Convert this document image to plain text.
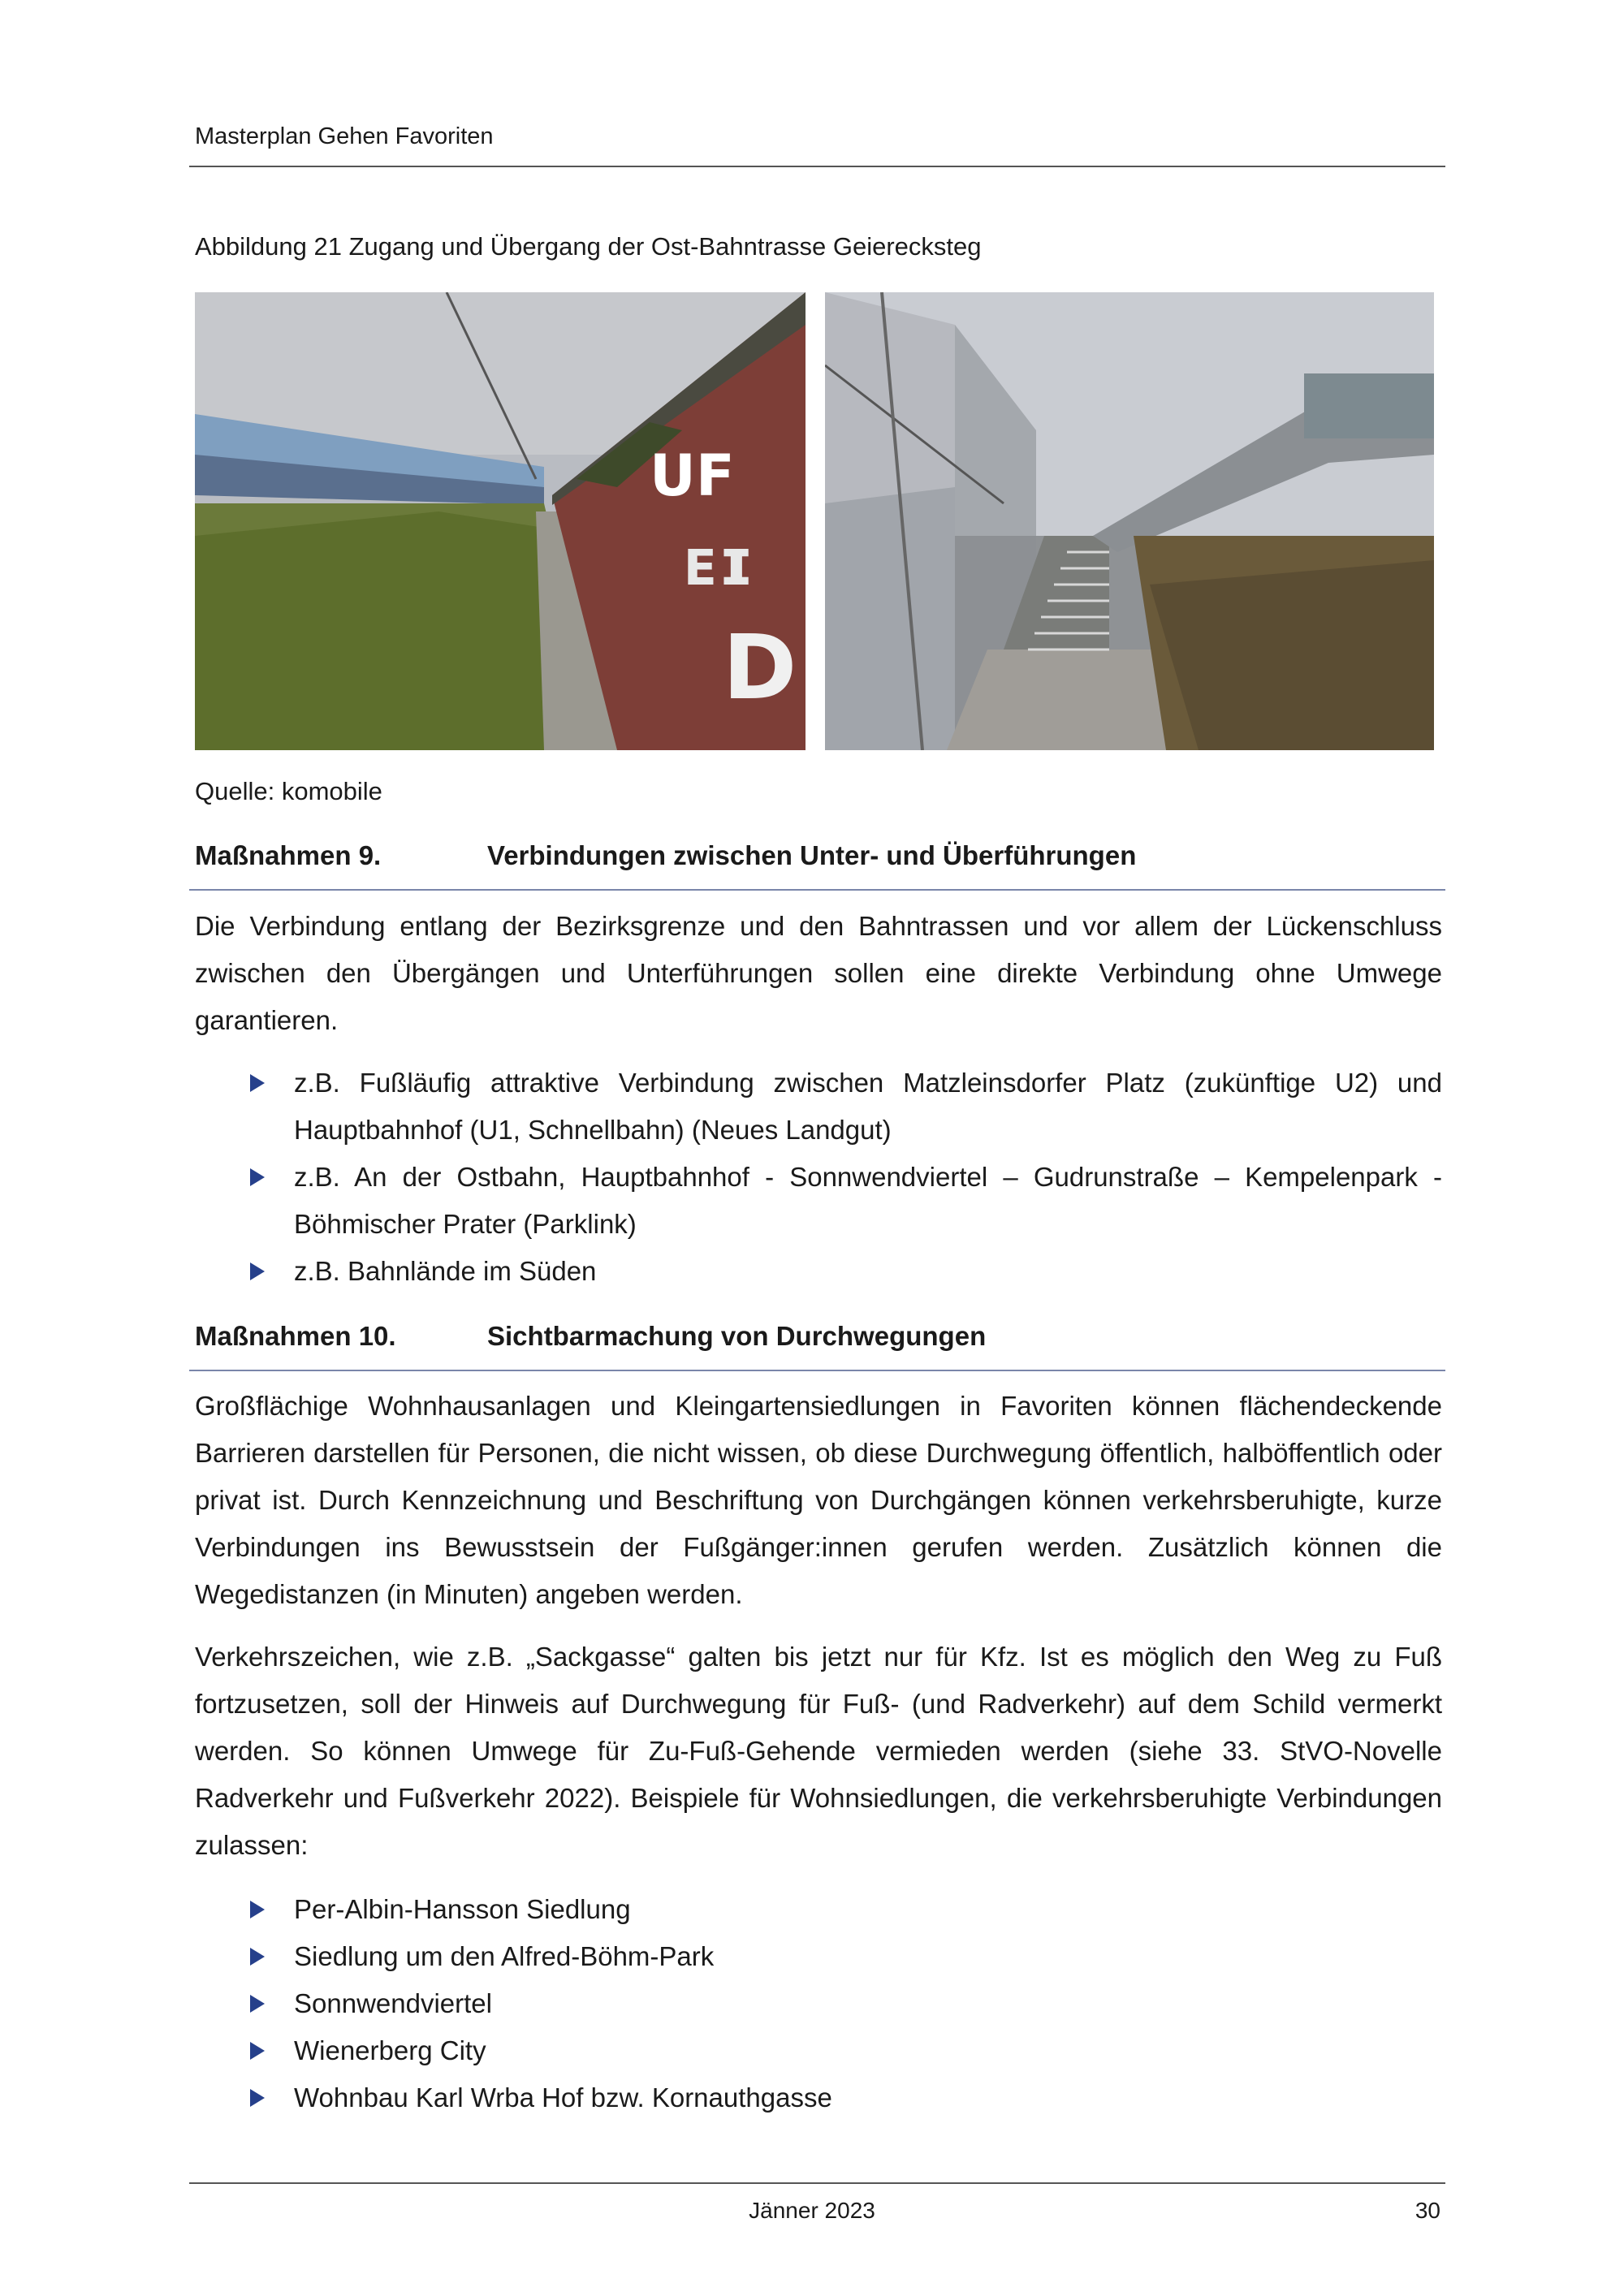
Masterplan Gehen Favoriten
Abbildung 21 Zugang und Übergang der Ost-Bahntrasse Geierecksteg
UF
ᴇɪ
D
Quelle: komobile
Maßnahmen 9.	Verbindungen zwischen Unter- und Überführungen
Die Verbindung entlang der Bezirksgrenze und den Bahntrassen und vor allem der Lückenschluss zwischen den Übergängen und Unterführungen sollen eine direkte Verbindung ohne Umwege garantieren.
z.B. Fußläufig attraktive Verbindung zwischen Matzleinsdorfer Platz (zukünftige U2) und Hauptbahnhof (U1, Schnellbahn) (Neues Landgut)
z.B. An der Ostbahn, Hauptbahnhof - Sonnwendviertel – Gudrunstraße – Kempelenpark - Böhmischer Prater (Parklink)
z.B. Bahnlände im Süden
Maßnahmen 10.	Sichtbarmachung von Durchwegungen
Großflächige Wohnhausanlagen und Kleingartensiedlungen in Favoriten können flächendeckende Barrieren darstellen für Personen, die nicht wissen, ob diese Durchwegung öffentlich, halböffentlich oder privat ist. Durch Kennzeichnung und Beschriftung von Durchgängen können verkehrsberuhigte, kurze Verbindungen ins Bewusstsein der Fußgänger:innen gerufen werden. Zusätzlich können die Wegedistanzen (in Minuten) angeben werden.
Verkehrszeichen, wie z.B. „Sackgasse“ galten bis jetzt nur für Kfz. Ist es möglich den Weg zu Fuß fortzusetzen, soll der Hinweis auf Durchwegung für Fuß- (und Radverkehr) auf dem Schild vermerkt werden. So können Umwege für Zu-Fuß-Gehende vermieden werden (siehe 33. StVO-Novelle Radverkehr und Fußverkehr 2022). Beispiele für Wohnsiedlungen, die verkehrsberuhigte Verbindungen zulassen:
Per-Albin-Hansson Siedlung
Siedlung um den Alfred-Böhm-Park
Sonnwendviertel
Wienerberg City
Wohnbau Karl Wrba Hof bzw. Kornauthgasse
Jänner 2023	30
